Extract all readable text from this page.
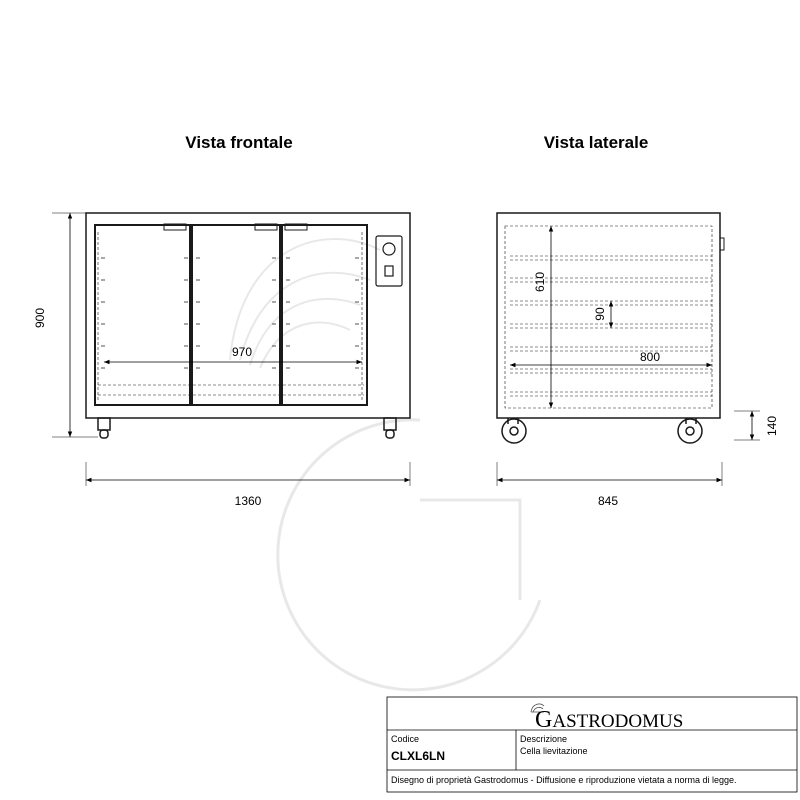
Vista frontale	Vista laterale
900
1360
970
610
90
800
845
140
GASTRODOMUS
Codice
CLXL6LN
Descrizione
Cella lievitazione
Disegno di proprietà Gastrodomus - Diffusione e riproduzione vietata a norma di legge.
